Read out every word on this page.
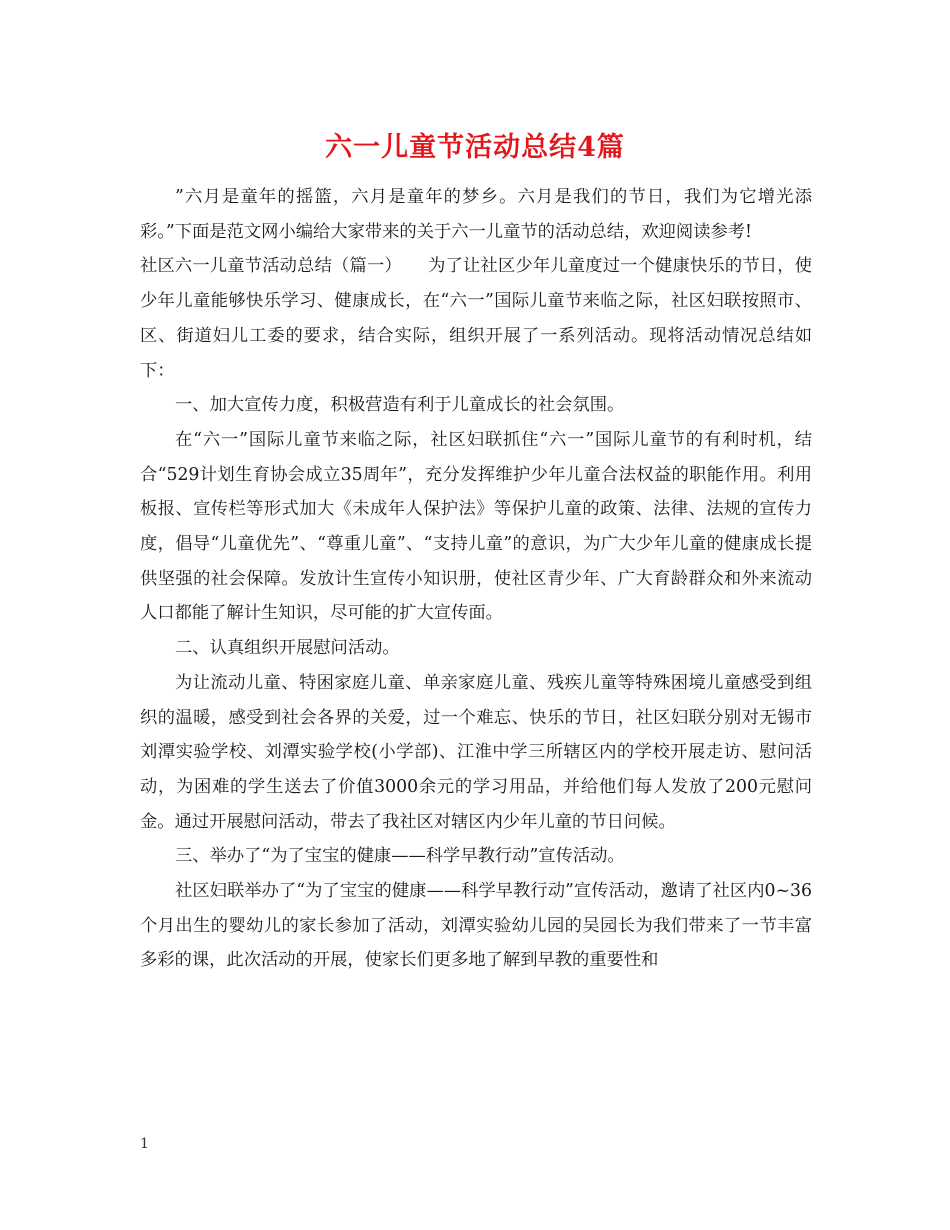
六一儿童节活动总结4篇

”六月是童年的摇篮，六月是童年的梦乡。六月是我们的节日，我们为它增光添彩。”下面是范文网小编给大家带来的关于六一儿童节的活动总结，欢迎阅读参考!

社区六一儿童节活动总结（篇一）　　为了让社区少年儿童度过一个健康快乐的节日，使少年儿童能够快乐学习、健康成长，在“六一”国际儿童节来临之际，社区妇联按照市、区、街道妇儿工委的要求，结合实际，组织开展了一系列活动。现将活动情况总结如下：

一、加大宣传力度，积极营造有利于儿童成长的社会氛围。

在“六一”国际儿童节来临之际，社区妇联抓住“六一”国际儿童节的有利时机，结合“529计划生育协会成立35周年”，充分发挥维护少年儿童合法权益的职能作用。利用板报、宣传栏等形式加大《未成年人保护法》等保护儿童的政策、法律、法规的宣传力度，倡导“儿童优先”、“尊重儿童”、“支持儿童”的意识，为广大少年儿童的健康成长提供坚强的社会保障。发放计生宣传小知识册，使社区青少年、广大育龄群众和外来流动人口都能了解计生知识，尽可能的扩大宣传面。

二、认真组织开展慰问活动。

为让流动儿童、特困家庭儿童、单亲家庭儿童、残疾儿童等特殊困境儿童感受到组织的温暖，感受到社会各界的关爱，过一个难忘、快乐的节日，社区妇联分别对无锡市刘潭实验学校、刘潭实验学校(小学部)、江淮中学三所辖区内的学校开展走访、慰问活动，为困难的学生送去了价值3000余元的学习用品，并给他们每人发放了200元慰问金。通过开展慰问活动，带去了我社区对辖区内少年儿童的节日问候。

三、举办了“为了宝宝的健康——科学早教行动”宣传活动。

社区妇联举办了“为了宝宝的健康——科学早教行动”宣传活动，邀请了社区内0~36个月出生的婴幼儿的家长参加了活动，刘潭实验幼儿园的吴园长为我们带来了一节丰富多彩的课，此次活动的开展，使家长们更多地了解到早教的重要性和

1
